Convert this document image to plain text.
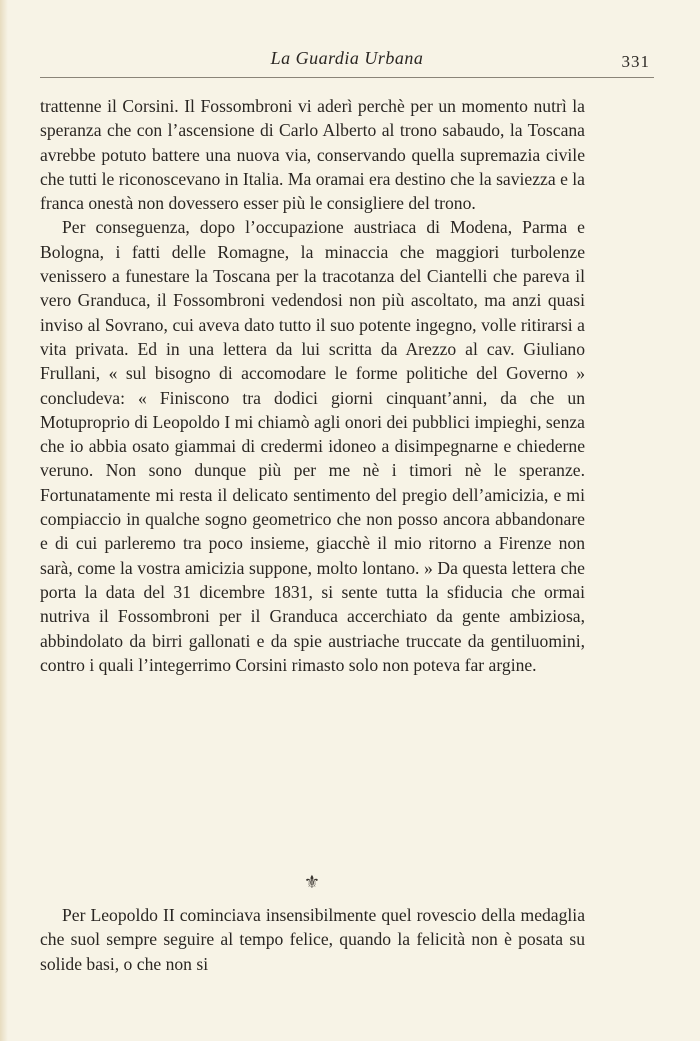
La Guardia Urbana	331

trattenne il Corsini. Il Fossombroni vi aderì perchè per un momento nutrì la speranza che con l’ascensione di Carlo Alberto al trono sabaudo, la Toscana avrebbe potuto battere una nuova via, conservando quella supremazia civile che tutti le riconoscevano in Italia. Ma oramai era destino che la saviezza e la franca onestà non dovessero esser più le consigliere del trono.

Per conseguenza, dopo l’occupazione austriaca di Modena, Parma e Bologna, i fatti delle Romagne, la minaccia che maggiori turbolenze venissero a funestare la Toscana per la tracotanza del Ciantelli che pareva il vero Granduca, il Fossombroni vedendosi non più ascoltato, ma anzi quasi inviso al Sovrano, cui aveva dato tutto il suo potente ingegno, volle ritirarsi a vita privata. Ed in una lettera da lui scritta da Arezzo al cav. Giuliano Frullani, « sul bisogno di accomodare le forme politiche del Governo » concludeva: « Finiscono tra dodici giorni cinquant’anni, da che un Motuproprio di Leopoldo I mi chiamò agli onori dei pubblici impieghi, senza che io abbia osato giammai di credermi idoneo a disimpegnarne e chiederne veruno. Non sono dunque più per me nè i timori nè le speranze. Fortunatamente mi resta il delicato sentimento del pregio dell’amicizia, e mi compiaccio in qualche sogno geometrico che non posso ancora abbandonare e di cui parleremo tra poco insieme, giacchè il mio ritorno a Firenze non sarà, come la vostra amicizia suppone, molto lontano. » Da questa lettera che porta la data del 31 dicembre 1831, si sente tutta la sfiducia che ormai nutriva il Fossombroni per il Granduca accerchiato da gente ambiziosa, abbindolato da birri gallonati e da spie austriache truccate da gentiluomini, contro i quali l’integerrimo Corsini rimasto solo non poteva far argine.

⚜

Per Leopoldo II cominciava insensibilmente quel rovescio della medaglia che suol sempre seguire al tempo felice, quando la felicità non è posata su solide basi, o che non si
